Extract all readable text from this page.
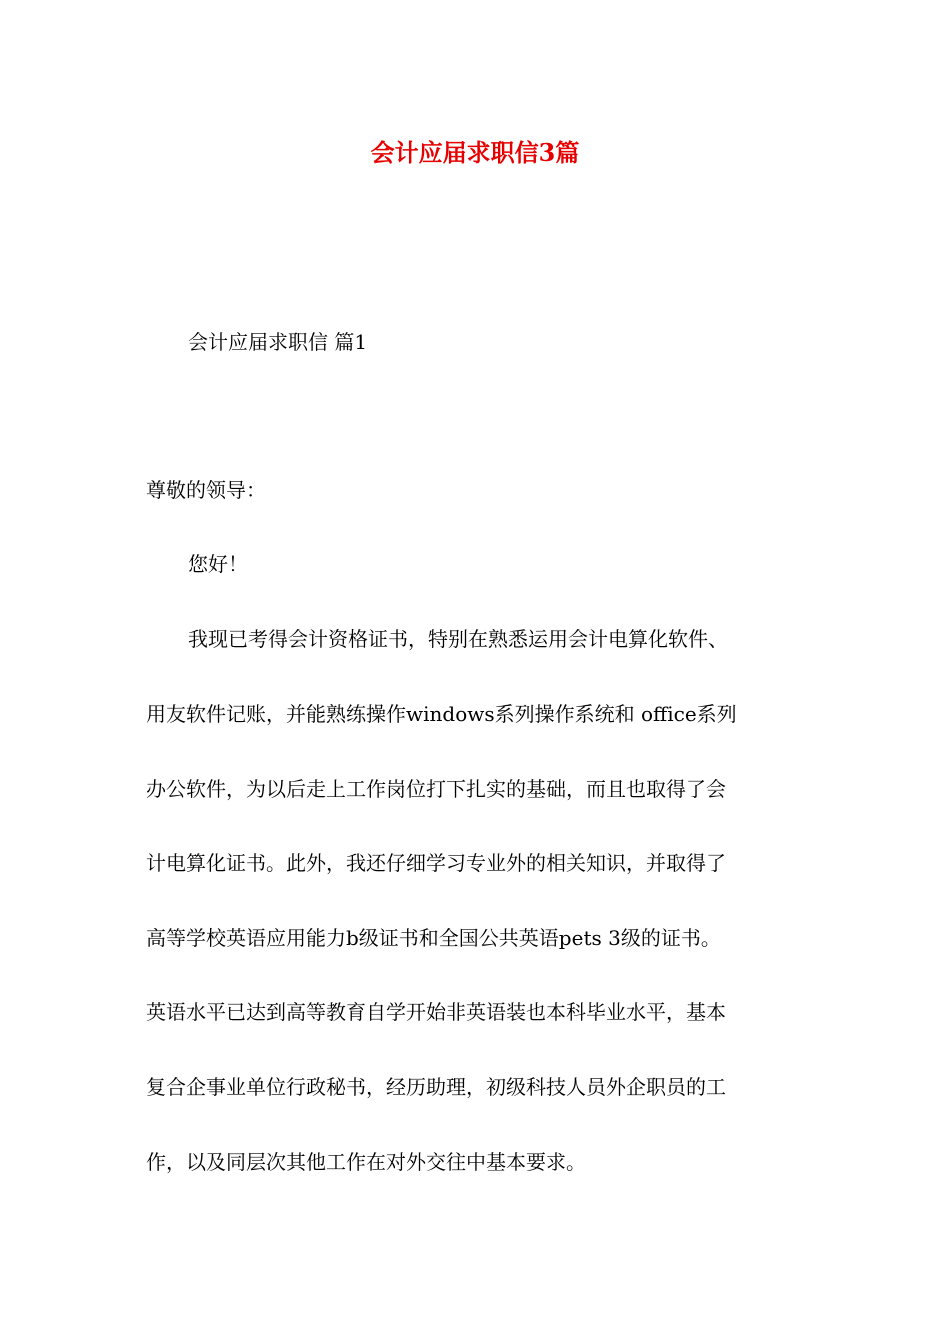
会计应届求职信3篇
会计应届求职信 篇1
尊敬的领导：
您好！
我现已考得会计资格证书，特别在熟悉运用会计电算化软件、
用友软件记账，并能熟练操作windows系列操作系统和 office系列
办公软件，为以后走上工作岗位打下扎实的基础，而且也取得了会
计电算化证书。此外，我还仔细学习专业外的相关知识，并取得了
高等学校英语应用能力b级证书和全国公共英语pets 3级的证书。
英语水平已达到高等教育自学开始非英语装也本科毕业水平，基本
复合企事业单位行政秘书，经历助理，初级科技人员外企职员的工
作，以及同层次其他工作在对外交往中基本要求。
